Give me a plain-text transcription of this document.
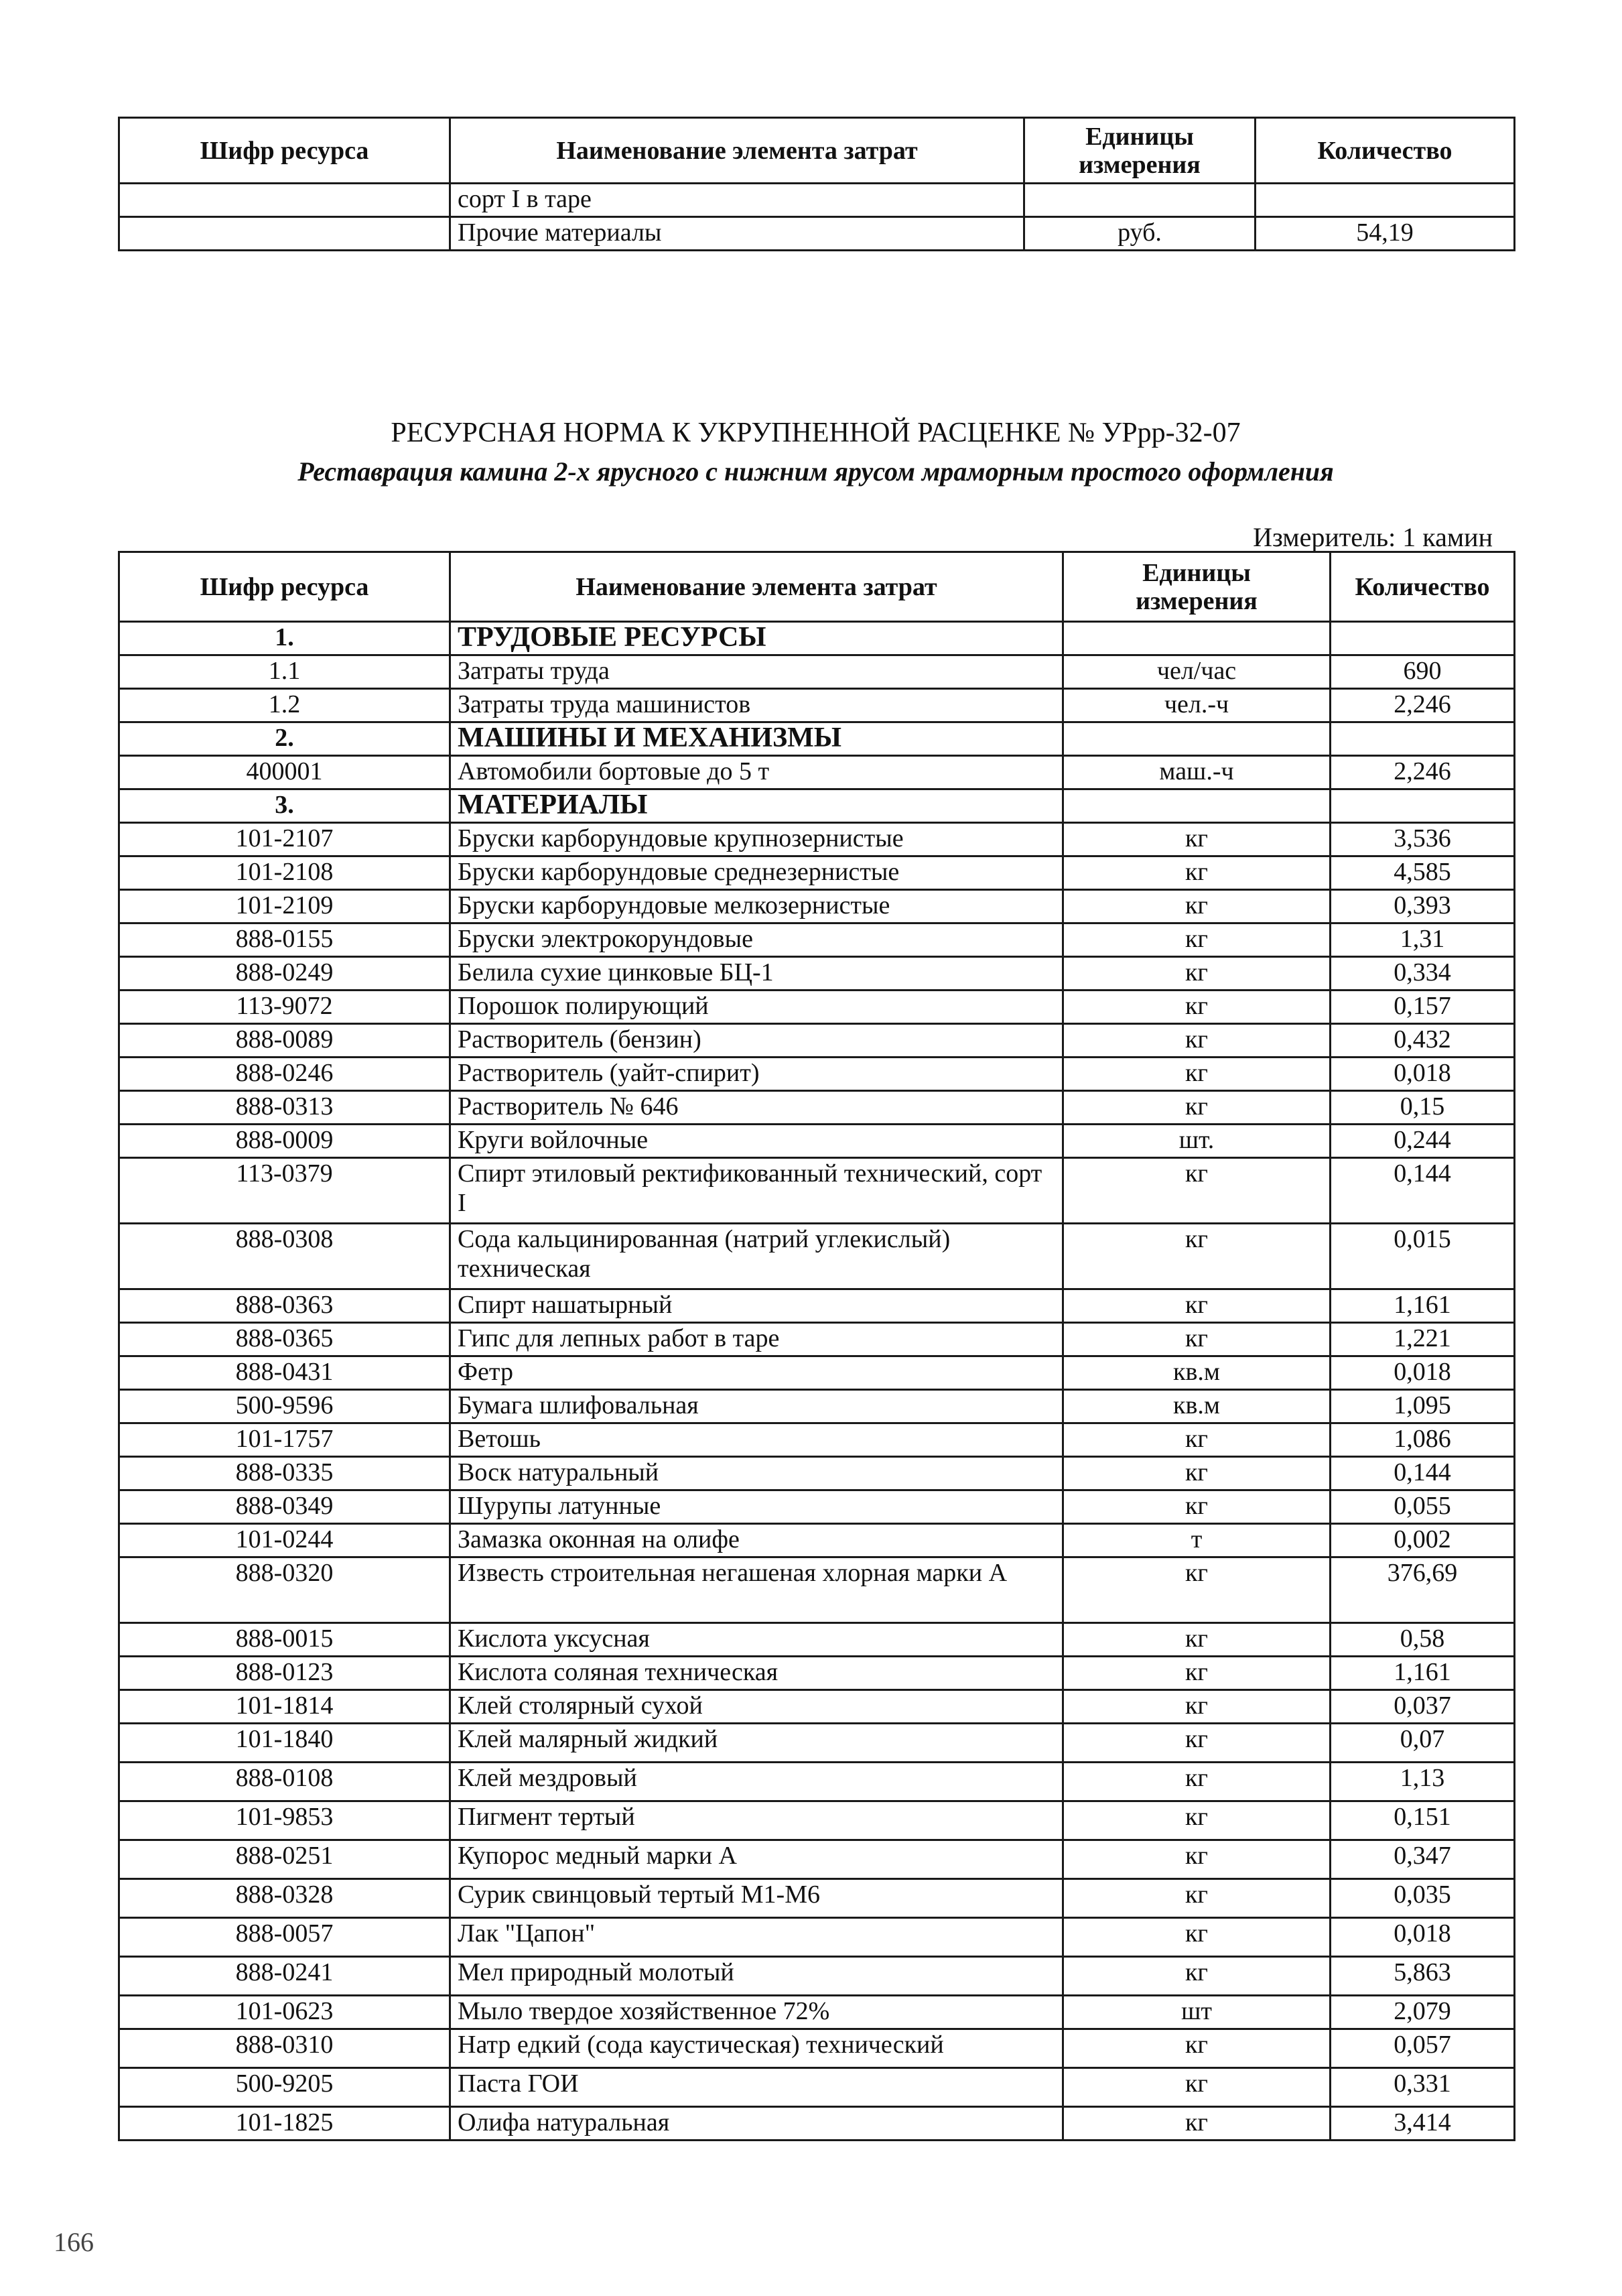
Шифр ресурса	Наименование элемента затрат	Единицы
измерения	Количество
	сорт I в таре		
	Прочие материалы	руб.	54,19
РЕСУРСНАЯ НОРМА К УКРУПНЕННОЙ РАСЦЕНКЕ № УРрр-32-07
Реставрация камина 2-х ярусного с нижним ярусом мраморным простого оформления
Измеритель: 1 камин
Шифр ресурса	Наименование элемента затрат	Единицы
измерения	Количество
1.	ТРУДОВЫЕ РЕСУРСЫ		
1.1	Затраты труда	чел/час	690
1.2	Затраты труда машинистов	чел.-ч	2,246
2.	МАШИНЫ И МЕХАНИЗМЫ		
400001	Автомобили бортовые до 5 т	маш.-ч	2,246
3.	МАТЕРИАЛЫ		
101-2107	Бруски карборундовые крупнозернистые	кг	3,536
101-2108	Бруски карборундовые среднезернистые	кг	4,585
101-2109	Бруски карборундовые мелкозернистые	кг	0,393
888-0155	Бруски электрокорундовые	кг	1,31
888-0249	Белила сухие цинковые БЦ-1	кг	0,334
113-9072	Порошок полирующий	кг	0,157
888-0089	Растворитель (бензин)	кг	0,432
888-0246	Растворитель (уайт-спирит)	кг	0,018
888-0313	Растворитель № 646	кг	0,15
888-0009	Круги войлочные	шт.	0,244
113-0379	Спирт этиловый ректификованный технический, сорт I	кг	0,144
888-0308	Сода кальцинированная (натрий углекислый) техническая	кг	0,015
888-0363	Спирт нашатырный	кг	1,161
888-0365	Гипс для лепных работ в таре	кг	1,221
888-0431	Фетр	кв.м	0,018
500-9596	Бумага шлифовальная	кв.м	1,095
101-1757	Ветошь	кг	1,086
888-0335	Воск натуральный	кг	0,144
888-0349	Шурупы латунные	кг	0,055
101-0244	Замазка оконная на олифе	т	0,002
888-0320	Известь строительная негашеная хлорная марки А	кг	376,69
888-0015	Кислота уксусная	кг	0,58
888-0123	Кислота соляная техническая	кг	1,161
101-1814	Клей столярный сухой	кг	0,037
101-1840	Клей малярный жидкий	кг	0,07
888-0108	Клей мездровый	кг	1,13
101-9853	Пигмент тертый	кг	0,151
888-0251	Купорос медный марки А	кг	0,347
888-0328	Сурик свинцовый тертый М1-М6	кг	0,035
888-0057	Лак "Цапон"	кг	0,018
888-0241	Мел природный молотый	кг	5,863
101-0623	Мыло твердое хозяйственное 72%	шт	2,079
888-0310	Натр едкий (сода каустическая) технический	кг	0,057
500-9205	Паста ГОИ	кг	0,331
101-1825	Олифа натуральная	кг	3,414
166
